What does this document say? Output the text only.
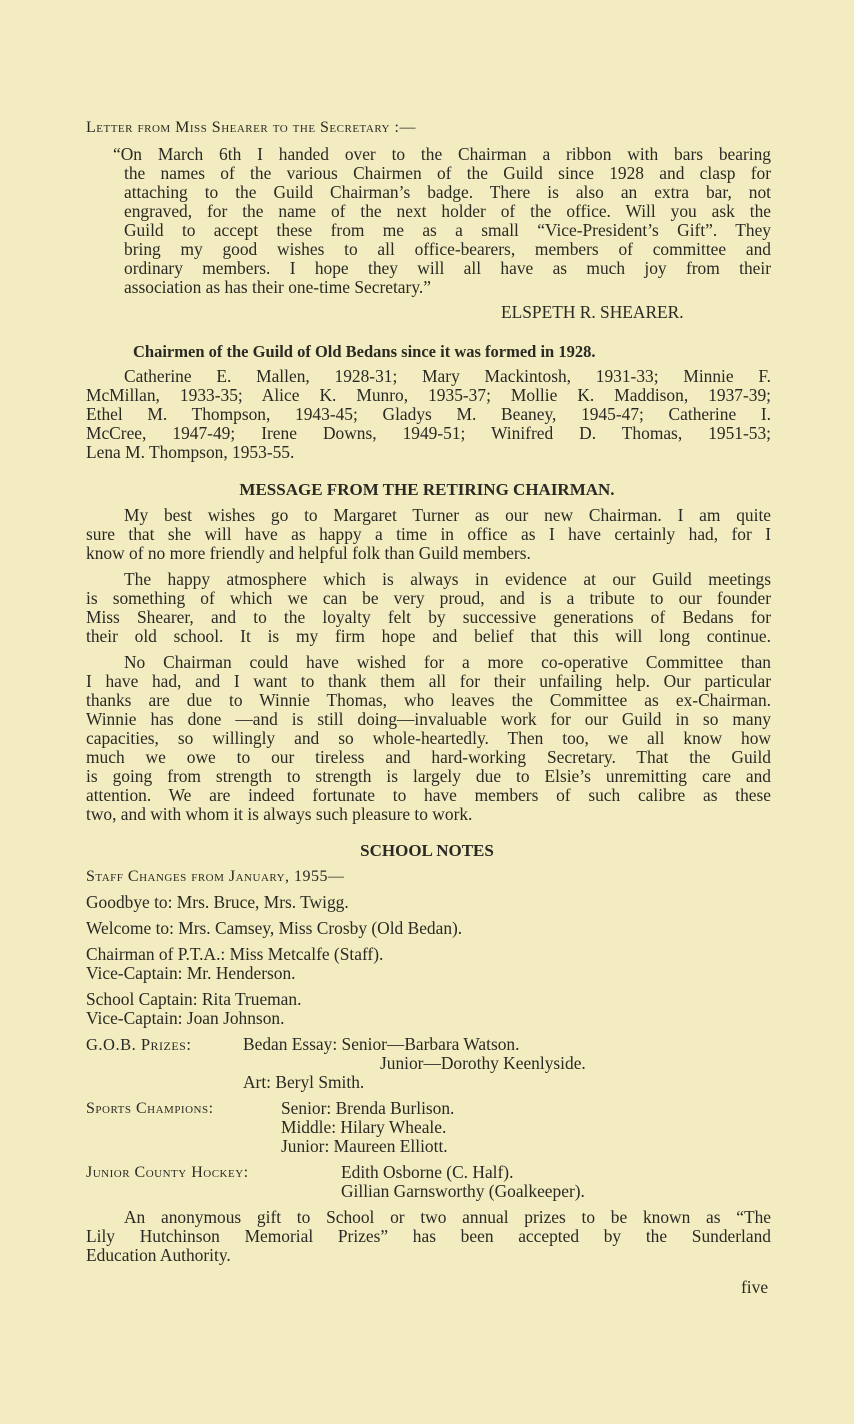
Letter from Miss Shearer to the Secretary :—
“On March 6th I handed over to the Chairman a ribbon with bars bearing
the names of the various Chairmen of the Guild since 1928 and clasp for
attaching to the Guild Chairman’s badge. There is also an extra bar, not
engraved, for the name of the next holder of the office. Will you ask the
Guild to accept these from me as a small “Vice-President’s Gift”. They
bring my good wishes to all office-bearers, members of committee and
ordinary members. I hope they will all have as much joy from their
association as has their one-time Secretary.”
ELSPETH R. SHEARER.
Chairmen of the Guild of Old Bedans since it was formed in 1928.
Catherine E. Mallen, 1928-31; Mary Mackintosh, 1931-33; Minnie F.
McMillan, 1933-35; Alice K. Munro, 1935-37; Mollie K. Maddison, 1937-39;
Ethel M. Thompson, 1943-45; Gladys M. Beaney, 1945-47; Catherine I.
McCree, 1947-49; Irene Downs, 1949-51; Winifred D. Thomas, 1951-53;
Lena M. Thompson, 1953-55.
MESSAGE FROM THE RETIRING CHAIRMAN.
My best wishes go to Margaret Turner as our new Chairman. I am quite
sure that she will have as happy a time in office as I have certainly had, for I
know of no more friendly and helpful folk than Guild members.
The happy atmosphere which is always in evidence at our Guild meetings
is something of which we can be very proud, and is a tribute to our founder
Miss Shearer, and to the loyalty felt by successive generations of Bedans for
their old school. It is my firm hope and belief that this will long continue.
No Chairman could have wished for a more co-operative Committee than
I have had, and I want to thank them all for their unfailing help. Our particular
thanks are due to Winnie Thomas, who leaves the Committee as ex-Chairman.
Winnie has done —and is still doing—invaluable work for our Guild in so many
capacities, so willingly and so whole-heartedly. Then too, we all know how
much we owe to our tireless and hard-working Secretary. That the Guild
is going from strength to strength is largely due to Elsie’s unremitting care and
attention. We are indeed fortunate to have members of such calibre as these
two, and with whom it is always such pleasure to work.
SCHOOL NOTES
Staff Changes from January, 1955—
Goodbye to: Mrs. Bruce, Mrs. Twigg.
Welcome to: Mrs. Camsey, Miss Crosby (Old Bedan).
Chairman of P.T.A.: Miss Metcalfe (Staff).
Vice-Captain: Mr. Henderson.
School Captain: Rita Trueman.
Vice-Captain: Joan Johnson.
G.O.B. Prizes:	Bedan Essay: Senior—Barbara Watson.
Junior—Dorothy Keenlyside.
Art: Beryl Smith.
Sports Champions:	Senior: Brenda Burlison.
Middle: Hilary Wheale.
Junior: Maureen Elliott.
Junior County Hockey:	Edith Osborne (C. Half).
Gillian Garnsworthy (Goalkeeper).
An anonymous gift to School or two annual prizes to be known as “The
Lily Hutchinson Memorial Prizes” has been accepted by the Sunderland
Education Authority.
five
